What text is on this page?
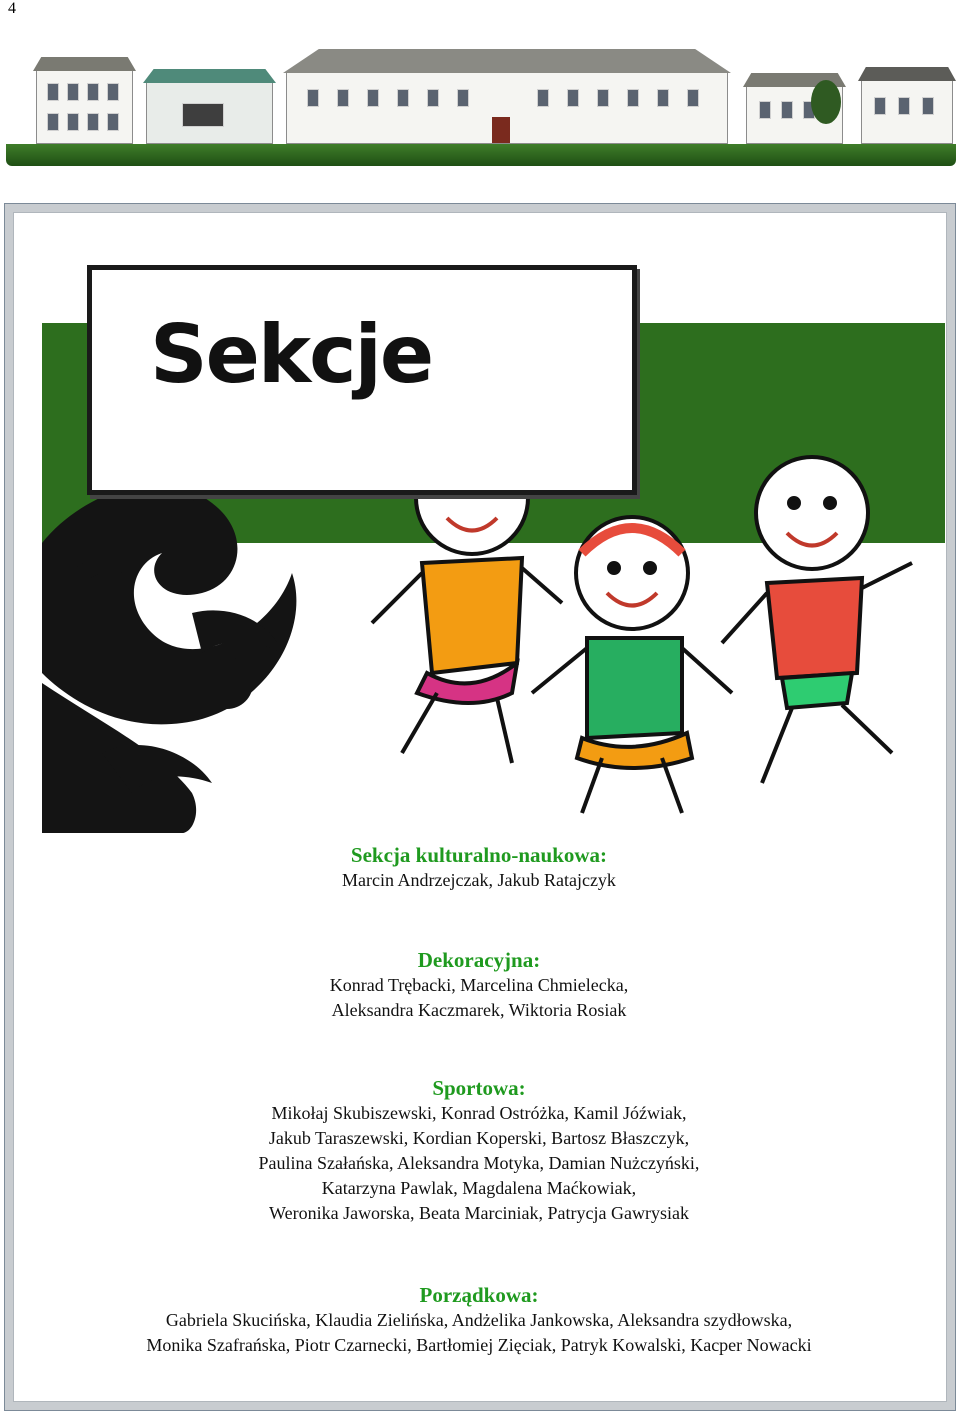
4
Sekcje
Sekcja kulturalno-naukowa:
Marcin Andrzejczak, Jakub Ratajczyk
Dekoracyjna:
Konrad Trębacki, Marcelina Chmielecka,
Aleksandra Kaczmarek, Wiktoria Rosiak
Sportowa:
Mikołaj Skubiszewski, Konrad Ostróżka, Kamil Jóźwiak,
Jakub Taraszewski, Kordian Koperski, Bartosz Błaszczyk,
Paulina Szałańska, Aleksandra Motyka, Damian Nużczyński,
Katarzyna Pawlak, Magdalena Maćkowiak,
Weronika Jaworska, Beata Marciniak, Patrycja Gawrysiak
Porządkowa:
Gabriela Skucińska, Klaudia Zielińska, Andżelika Jankowska, Aleksandra szydłowska,
Monika Szafrańska, Piotr Czarnecki, Bartłomiej Zięciak, Patryk Kowalski, Kacper Nowacki
